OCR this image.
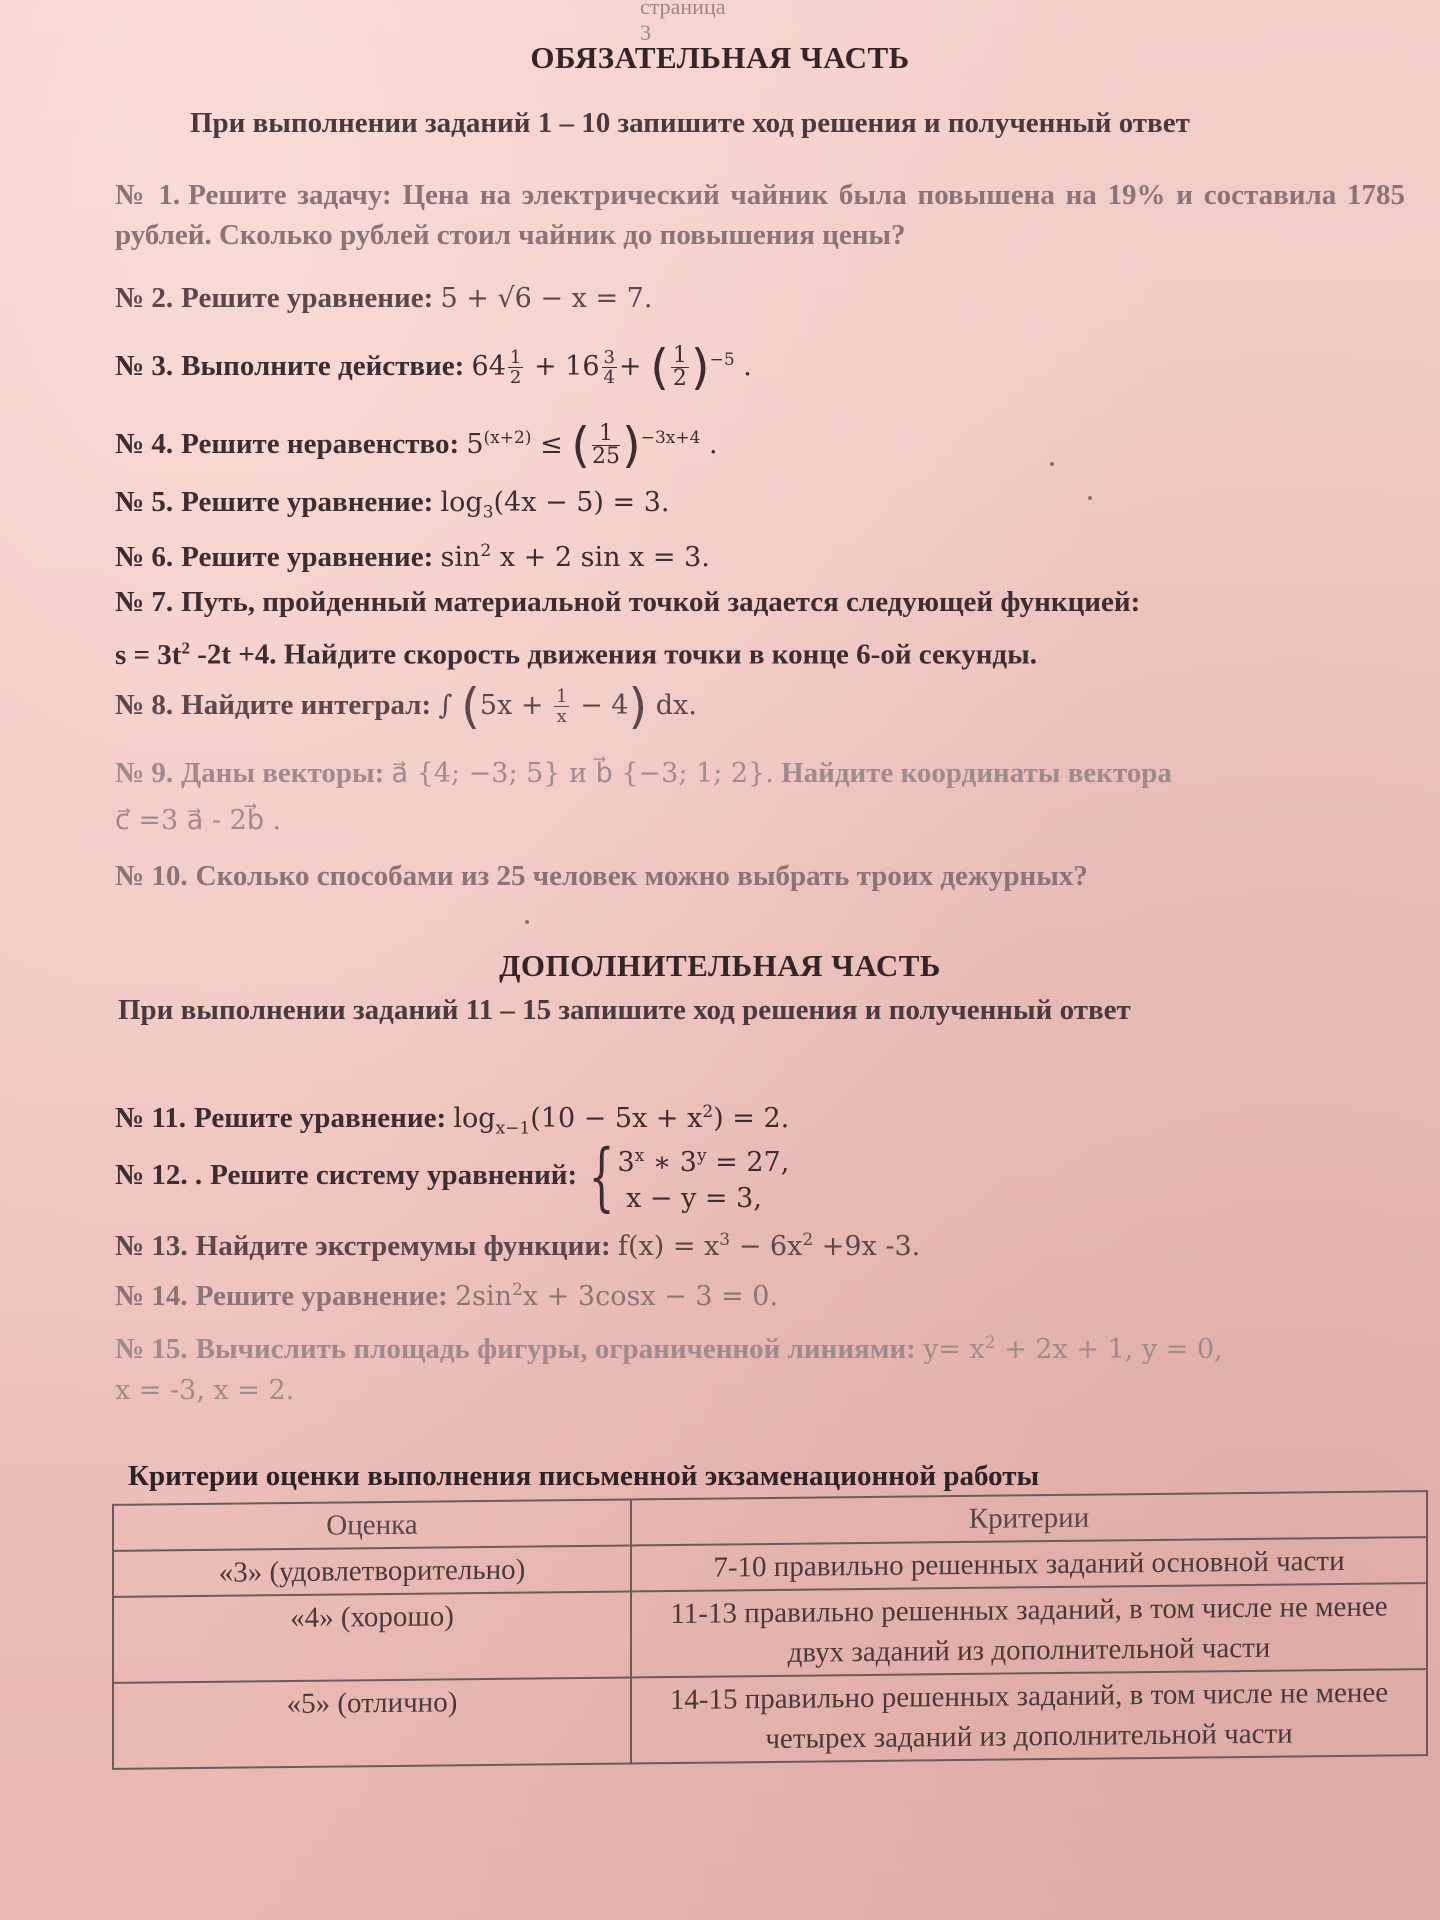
страница 3
ОБЯЗАТЕЛЬНАЯ ЧАСТЬ
При выполнении заданий 1 – 10 запишите ход решения и полученный ответ
№ 1. Решите задачу: Цена на электрический чайник была повышена на 19% и составила 1785 рублей. Сколько рублей стоил чайник до повышения цены?
№ 2. Решите уравнение: 5 + √6 − x = 7.
№ 3. Выполните действие: $64 \frac{1}{2} + 16 \frac{3}{4}$ + ( $\frac{1}{2} )^{-5}$ .
№ 4. Решите неравенство: $5^{(x+2)}$ ≤ ( $\frac{1}{25} )^{-3x+4}$ .
№ 5. Решите уравнение: $\log_3(4x - 5) = 3$.
№ 6. Решите уравнение: $\sin^2 x + 2$ sin x = 3.
№ 7. Путь, пройденный материальной точкой задается следующей функцией:
$s = 3t^2$ -2t +4. Найдите скорость движения точки в конце 6-ой секунды.
№ 8. Найдите интеграл: ∫ $(5x + \frac{1}{x} - 4)$ dx.
№ 9. Даны векторы: a⃗ {4; −3; 5} и b⃗ {−3; 1; 2}. Найдите координаты вектора
c⃗ =3 a⃗ - 2b⃗ .
№ 10. Сколько способами из 25 человек можно выбрать троих дежурных?
ДОПОЛНИТЕЛЬНАЯ ЧАСТЬ
При выполнении заданий 11 – 15 запишите ход решения и полученный ответ
№ 11. Решите уравнение: $\log_{x-1}(10 - 5x + x^2) = 2$.
№ 12. . Решите систему уравнений: {3$^x$ ∗ $3^y = 27$,
x − y = 3,
№ 13. Найдите экстремумы функции: $f(x) = x^3 - 6x^2 +9x$ -3.
№ 14. Решите уравнение: $2\sin^2x + 3\cos x - 3 = 0$.
№ 15. Вычислить площадь фигуры, ограниченной линиями: $y= x^2 + 2x + 1$, y = 0,
x = -3, x = 2.
Критерии оценки выполнения письменной экзаменационной работы
Оценка	Критерии
«3» (удовлетворительно)	7-10 правильно решенных заданий основной части
«4» (хорошо)	11-13 правильно решенных заданий, в том числе не менее двух заданий из дополнительной части
«5» (отлично)	14-15 правильно решенных заданий, в том числе не менее четырех заданий из дополнительной части
